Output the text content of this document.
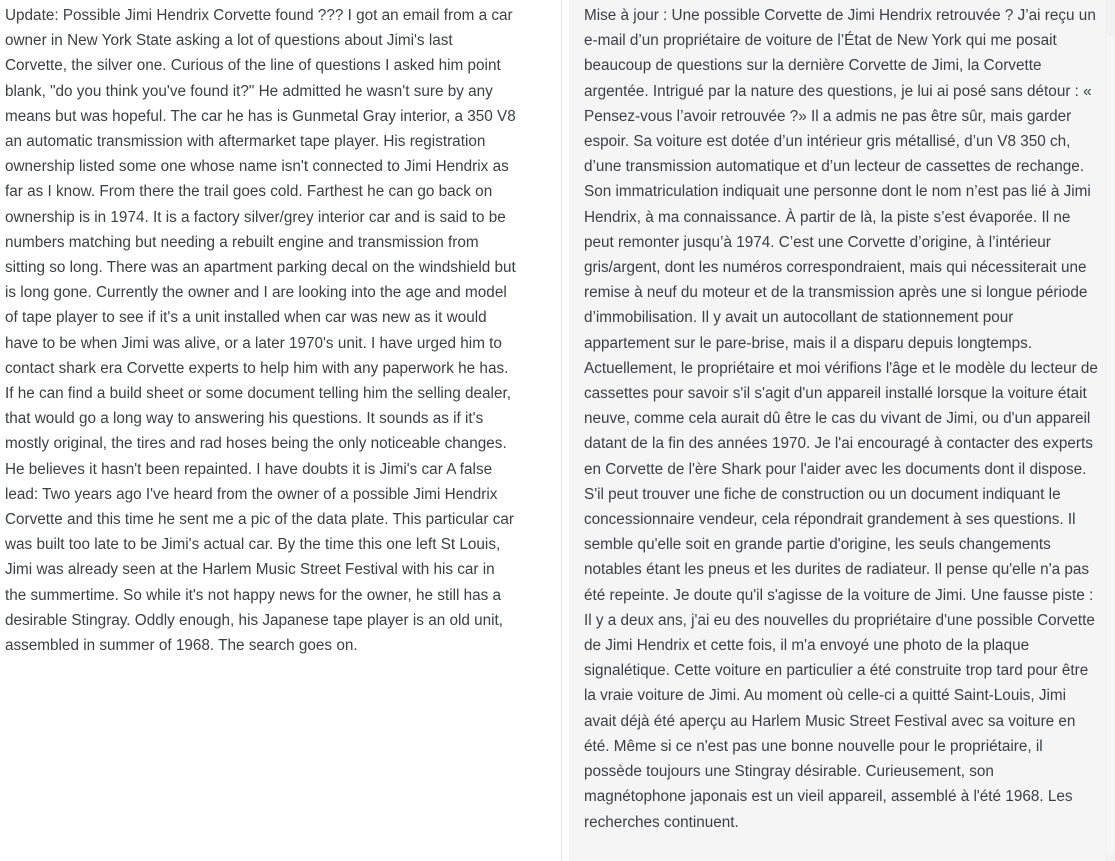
Update: Possible Jimi Hendrix Corvette found ??? I got an email from a car owner in New York State asking a lot of questions about Jimi's last Corvette, the silver one. Curious of the line of questions I asked him point blank, "do you think you've found it?" He admitted he wasn't sure by any means but was hopeful. The car he has is Gunmetal Gray interior, a 350 V8 an automatic transmission with aftermarket tape player. His registration ownership listed some one whose name isn't connected to Jimi Hendrix as far as I know. From there the trail goes cold. Farthest he can go back on ownership is in 1974. It is a factory silver/grey interior car and is said to be numbers matching but needing a rebuilt engine and transmission from sitting so long. There was an apartment parking decal on the windshield but is long gone. Currently the owner and I are looking into the age and model of tape player to see if it's a unit installed when car was new as it would have to be when Jimi was alive, or a later 1970's unit. I have urged him to contact shark era Corvette experts to help him with any paperwork he has. If he can find a build sheet or some document telling him the selling dealer, that would go a long way to answering his questions. It sounds as if it's mostly original, the tires and rad hoses being the only noticeable changes. He believes it hasn't been repainted. I have doubts it is Jimi's car A false lead: Two years ago I've heard from the owner of a possible Jimi Hendrix Corvette and this time he sent me a pic of the data plate. This particular car was built too late to be Jimi's actual car. By the time this one left St Louis, Jimi was already seen at the Harlem Music Street Festival with his car in the summertime. So while it's not happy news for the owner, he still has a desirable Stingray. Oddly enough, his Japanese tape player is an old unit, assembled in summer of 1968. The search goes on.

Mise à jour : Une possible Corvette de Jimi Hendrix retrouvée ? J’ai reçu un e-mail d’un propriétaire de voiture de l’État de New York qui me posait beaucoup de questions sur la dernière Corvette de Jimi, la Corvette argentée. Intrigué par la nature des questions, je lui ai posé sans détour : « Pensez-vous l’avoir retrouvée ?» Il a admis ne pas être sûr, mais garder espoir. Sa voiture est dotée d’un intérieur gris métallisé, d’un V8 350 ch, d’une transmission automatique et d’un lecteur de cassettes de rechange. Son immatriculation indiquait une personne dont le nom n’est pas lié à Jimi Hendrix, à ma connaissance. À partir de là, la piste s’est évaporée. Il ne peut remonter jusqu’à 1974. C’est une Corvette d’origine, à l’intérieur gris/argent, dont les numéros correspondraient, mais qui nécessiterait une remise à neuf du moteur et de la transmission après une si longue période d’immobilisation. Il y avait un autocollant de stationnement pour appartement sur le pare-brise, mais il a disparu depuis longtemps. Actuellement, le propriétaire et moi vérifions l'âge et le modèle du lecteur de cassettes pour savoir s'il s'agit d'un appareil installé lorsque la voiture était neuve, comme cela aurait dû être le cas du vivant de Jimi, ou d'un appareil datant de la fin des années 1970. Je l'ai encouragé à contacter des experts en Corvette de l'ère Shark pour l'aider avec les documents dont il dispose. S'il peut trouver une fiche de construction ou un document indiquant le concessionnaire vendeur, cela répondrait grandement à ses questions. Il semble qu'elle soit en grande partie d'origine, les seuls changements notables étant les pneus et les durites de radiateur. Il pense qu'elle n'a pas été repeinte. Je doute qu'il s'agisse de la voiture de Jimi. Une fausse piste : Il y a deux ans, j'ai eu des nouvelles du propriétaire d'une possible Corvette de Jimi Hendrix et cette fois, il m'a envoyé une photo de la plaque signalétique. Cette voiture en particulier a été construite trop tard pour être la vraie voiture de Jimi. Au moment où celle-ci a quitté Saint-Louis, Jimi avait déjà été aperçu au Harlem Music Street Festival avec sa voiture en été. Même si ce n'est pas une bonne nouvelle pour le propriétaire, il possède toujours une Stingray désirable. Curieusement, son magnétophone japonais est un vieil appareil, assemblé à l'été 1968. Les recherches continuent.
